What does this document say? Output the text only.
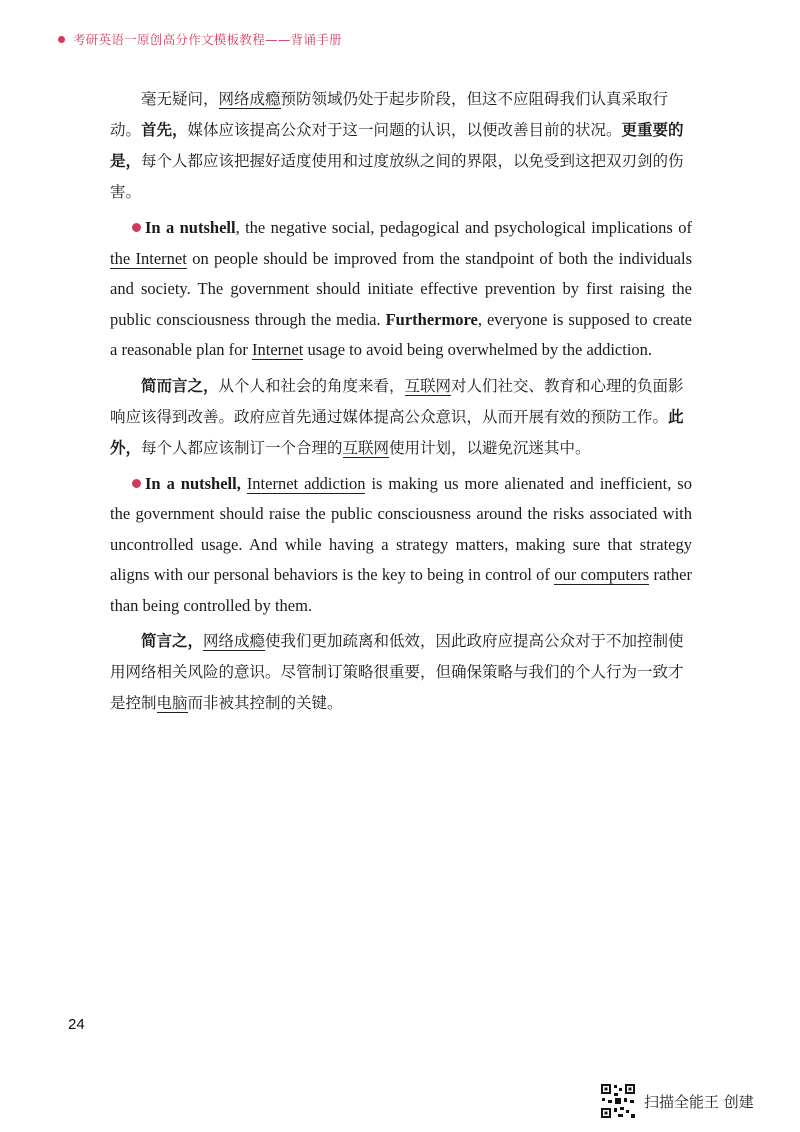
考研英语一原创高分作文模板教程——背诵手册

毫无疑问，网络成瘾预防领域仍处于起步阶段，但这不应阻碍我们认真采取行动。首先，媒体应该提高公众对于这一问题的认识，以便改善目前的状况。更重要的是，每个人都应该把握好适度使用和过度放纵之间的界限，以免受到这把双刃剑的伤害。

In a nutshell, the negative social, pedagogical and psychological implications of the Internet on people should be improved from the standpoint of both the individuals and society. The government should initiate effective prevention by first raising the public consciousness through the media. Furthermore, everyone is supposed to create a reasonable plan for Internet usage to avoid being overwhelmed by the addiction.

简而言之，从个人和社会的角度来看，互联网对人们社交、教育和心理的负面影响应该得到改善。政府应首先通过媒体提高公众意识，从而开展有效的预防工作。此外，每个人都应该制订一个合理的互联网使用计划，以避免沉迷其中。

In a nutshell, Internet addiction is making us more alienated and inefficient, so the government should raise the public consciousness around the risks associated with uncontrolled usage. And while having a strategy matters, making sure that strategy aligns with our personal behaviors is the key to being in control of our computers rather than being controlled by them.

简言之，网络成瘾使我们更加疏离和低效，因此政府应提高公众对于不加控制使用网络相关风险的意识。尽管制订策略很重要，但确保策略与我们的个人行为一致才是控制电脑而非被其控制的关键。

24
扫描全能王 创建
